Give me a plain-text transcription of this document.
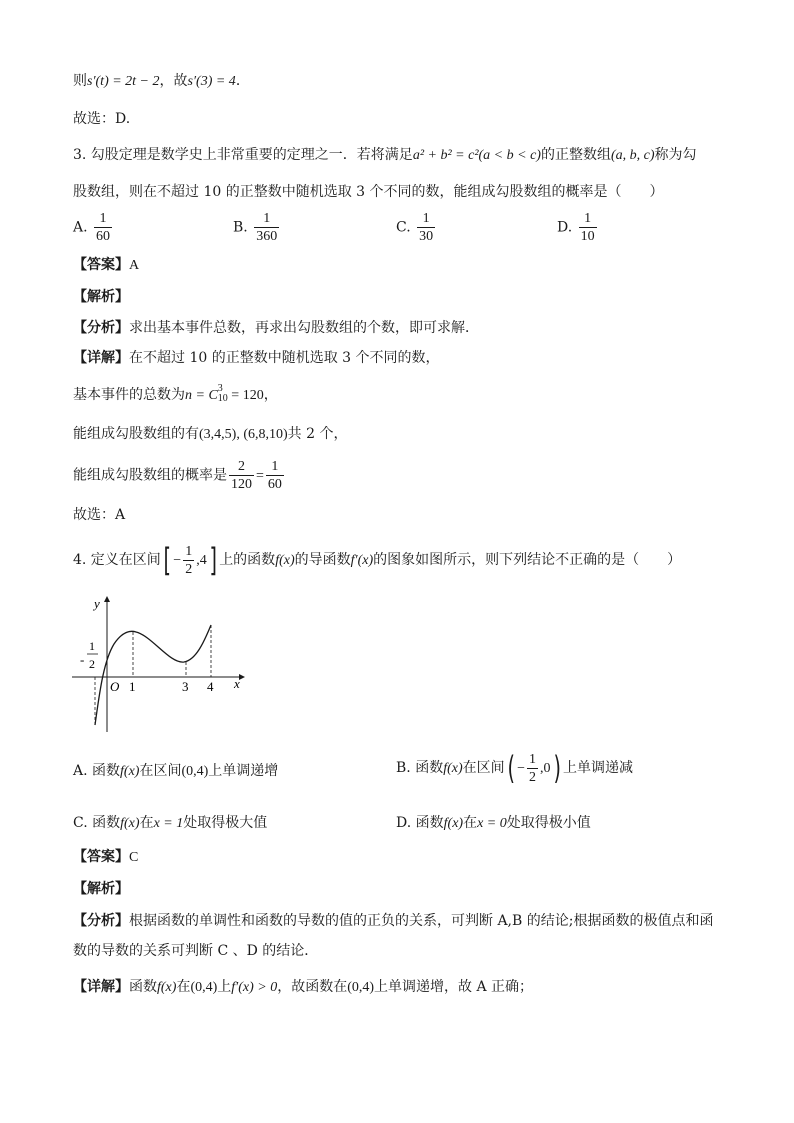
则s′(t) = 2t − 2，故s′(3) = 4．
故选：D.
3. 勾股定理是数学史上非常重要的定理之一．若将满足a² + b² = c²(a < b < c)的正整数组(a, b, c)称为勾
股数组，则在不超过 10 的正整数中随机选取 3 个不同的数，能组成勾股数组的概率是（　　）
A. $\frac{1}{60}$	B. $\frac{1}{360}$	C. $\frac{1}{30}$	D. $\frac{1}{10}$
【答案】A
【解析】
【分析】求出基本事件总数，再求出勾股数组的个数，即可求解．
【详解】在不超过 10 的正整数中随机选取 3 个不同的数，
基本事件的总数为n = C 3
10 = 120，
能组成勾股数组的有(3,4,5), (6,8,10)共 2 个，
能组成勾股数组的概率是 $\frac{2}{120} = \frac{1}{60}$
故选：A
4. 定义在区间[ − $\frac{1}{2} ,4$] 上的函数f(x)的导函数f′(x)的图象如图所示，则下列结论不正确的是（　　）
y
x
O
-
1
2
1	3 4
A. 函数f(x)在区间(0,4)上单调递增	B. 函数f(x)在区间( − $\frac{1}{2} ,0$) 上单调递减
C. 函数f(x)在x = 1处取得极大值	D. 函数f(x)在x = 0处取得极小值
【答案】C
【解析】
【分析】根据函数的单调性和函数的导数的值的正负的关系，可判断 A,B 的结论;根据函数的极值点和函
数的导数的关系可判断 C 、D 的结论．
【详解】函数f(x)在(0,4)上f′(x) > 0，故函数在(0,4)上单调递增，故 A 正确；
